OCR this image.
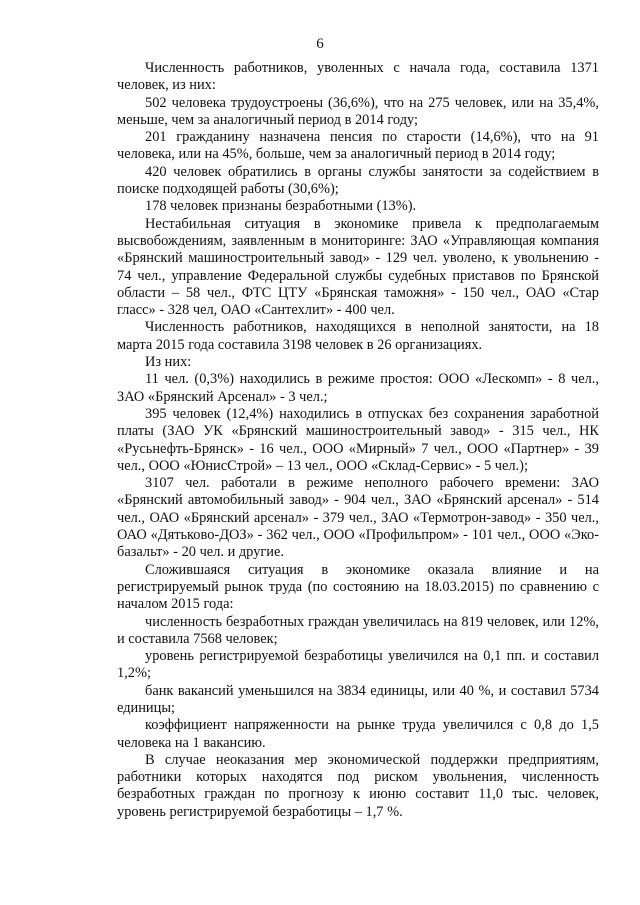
6

Численность работников, уволенных с начала года, составила 1371 человек, из них:

502 человека трудоустроены (36,6%), что на 275 человек, или на 35,4%, меньше, чем за аналогичный период в 2014 году;

201 гражданину назначена пенсия по старости (14,6%), что на 91 человека, или на 45%, больше, чем за аналогичный период в 2014 году;

420 человек обратились в органы службы занятости за содействием в поиске подходящей работы (30,6%);

178 человек признаны безработными (13%).

Нестабильная ситуация в экономике привела к предполагаемым высвобождениям, заявленным в мониторинге: ЗАО «Управляющая компания «Брянский машиностроительный завод» - 129 чел. уволено, к увольнению - 74 чел., управление Федеральной службы судебных приставов по Брянской области – 58 чел., ФТС ЦТУ «Брянская таможня» - 150 чел., ОАО «Стар гласс» - 328 чел, ОАО «Сантехлит» - 400 чел.

Численность работников, находящихся в неполной занятости, на 18 марта 2015 года составила 3198 человек в 26 организациях.

Из них:

11 чел. (0,3%) находились в режиме простоя: ООО «Лескомп» - 8 чел., ЗАО «Брянский Арсенал» - 3 чел.;

395 человек (12,4%) находились в отпусках без сохранения заработной платы (ЗАО УК «Брянский машиностроительный завод» - 315 чел., НК «Русьнефть-Брянск» - 16 чел., ООО «Мирный» 7 чел., ООО «Партнер» - 39 чел., ООО «ЮнисСтрой» – 13 чел., ООО «Склад-Сервис» - 5 чел.);

3107 чел. работали в режиме неполного рабочего времени: ЗАО «Брянский автомобильный завод» - 904 чел., ЗАО «Брянский арсенал» - 514 чел., ОАО «Брянский арсенал» - 379 чел., ЗАО «Термотрон-завод» - 350 чел., ОАО «Дятьково-ДОЗ» - 362 чел., ООО «Профильпром» - 101 чел., ООО «Эко-базальт» - 20 чел. и другие.

Сложившаяся ситуация в экономике оказала влияние и на регистрируемый рынок труда (по состоянию на 18.03.2015) по сравнению с началом 2015 года:

численность безработных граждан увеличилась на 819 человек, или 12%, и составила 7568 человек;

уровень регистрируемой безработицы увеличился на 0,1 пп. и составил 1,2%;

банк вакансий уменьшился на 3834 единицы, или 40 %, и составил 5734 единицы;

коэффициент напряженности на рынке труда увеличился с 0,8 до 1,5 человека на 1 вакансию.

В случае неоказания мер экономической поддержки предприятиям, работники которых находятся под риском увольнения, численность безработных граждан по прогнозу к июню составит 11,0 тыс. человек, уровень регистрируемой безработицы – 1,7 %.
